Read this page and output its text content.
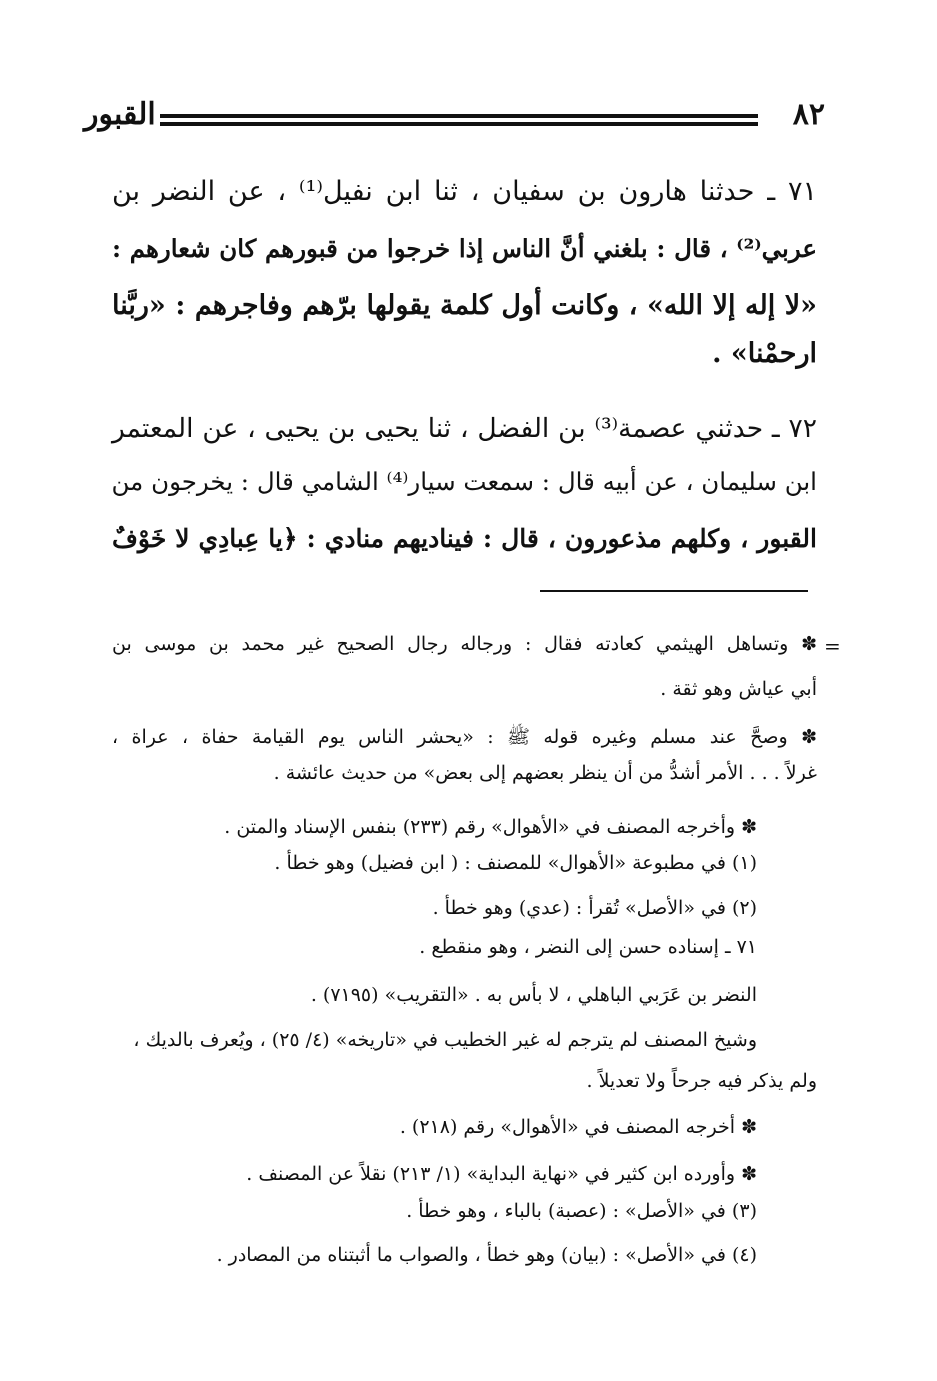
٨٢
القبور
٧١ ـ حدثنا هارون بن سفيان ، ثنا ابن نفيل⁽¹⁾ ، عن النضر بن
عربي⁽²⁾ ، قال : بلغني أنَّ الناس إذا خرجوا من قبورهم كان شعارهم :
«لا إله إلا الله» ، وكانت أول كلمة يقولها برّهم وفاجرهم : «ربَّنا
ارحمْنا» .
٧٢ ـ حدثني عصمة⁽³⁾ بن الفضل ، ثنا يحيى بن يحيى ، عن المعتمر
ابن سليمان ، عن أبيه قال : سمعت سيار⁽⁴⁾ الشامي قال : يخرجون من
القبور ، وكلهم مذعورون ، قال : فيناديهم منادي : ﴿يا عِبادِي لا خَوْفٌ
=
✽ وتساهل الهيثمي كعادته فقال : ورجاله رجال الصحيح غير محمد بن موسى بن
أبي عياش وهو ثقة .
✽ وصحَّ عند مسلم وغيره قوله ﷺ : «يحشر الناس يوم القيامة حفاة ، عراة ،
غرلاً . . . الأمر أشدُّ من أن ينظر بعضهم إلى بعض» من حديث عائشة .
✽ وأخرجه المصنف في «الأهوال» رقم (٢٣٣) بنفس الإسناد والمتن .
(١) في مطبوعة «الأهوال» للمصنف : ( ابن فضيل) وهو خطأ .
(٢) في «الأصل» تُقرأ : (عدي) وهو خطأ .
٧١ ـ إسناده حسن إلى النضر ، وهو منقطع .
النضر بن عَرَبي الباهلي ، لا بأس به . «التقريب» (٧١٩٥) .
وشيخ المصنف لم يترجم له غير الخطيب في «تاريخه» (٤/ ٢٥) ، ويُعرف بالديك ،
ولم يذكر فيه جرحاً ولا تعديلاً .
✽ أخرجه المصنف في «الأهوال» رقم (٢١٨) .
✽ وأورده ابن كثير في «نهاية البداية» (١/ ٢١٣) نقلاً عن المصنف .
(٣) في «الأصل» : (عصبة) بالباء ، وهو خطأ .
(٤) في «الأصل» : (بيان) وهو خطأ ، والصواب ما أثبتناه من المصادر .
